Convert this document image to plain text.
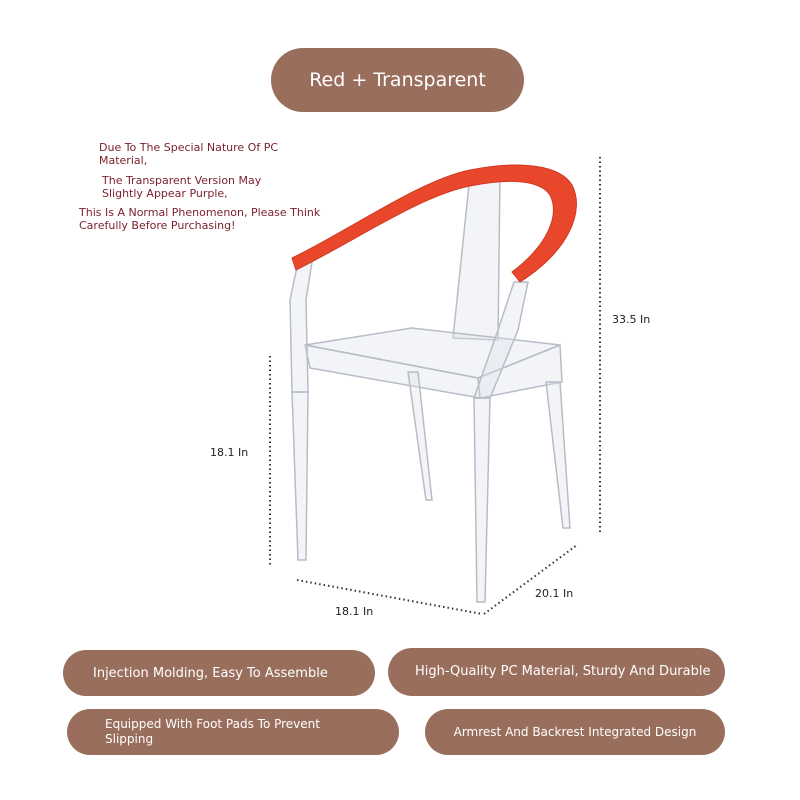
Red + Transparent
Due To The Special Nature Of PC Material,
The Transparent Version May Slightly Appear Purple,
This Is A Normal Phenomenon, Please Think Carefully Before Purchasing!
33.5 In
18.1 In
18.1 In
20.1 In
Injection Molding, Easy To Assemble	High-Quality PC Material, Sturdy And Durable
Equipped With Foot Pads To Prevent Slipping	Armrest And Backrest Integrated Design
